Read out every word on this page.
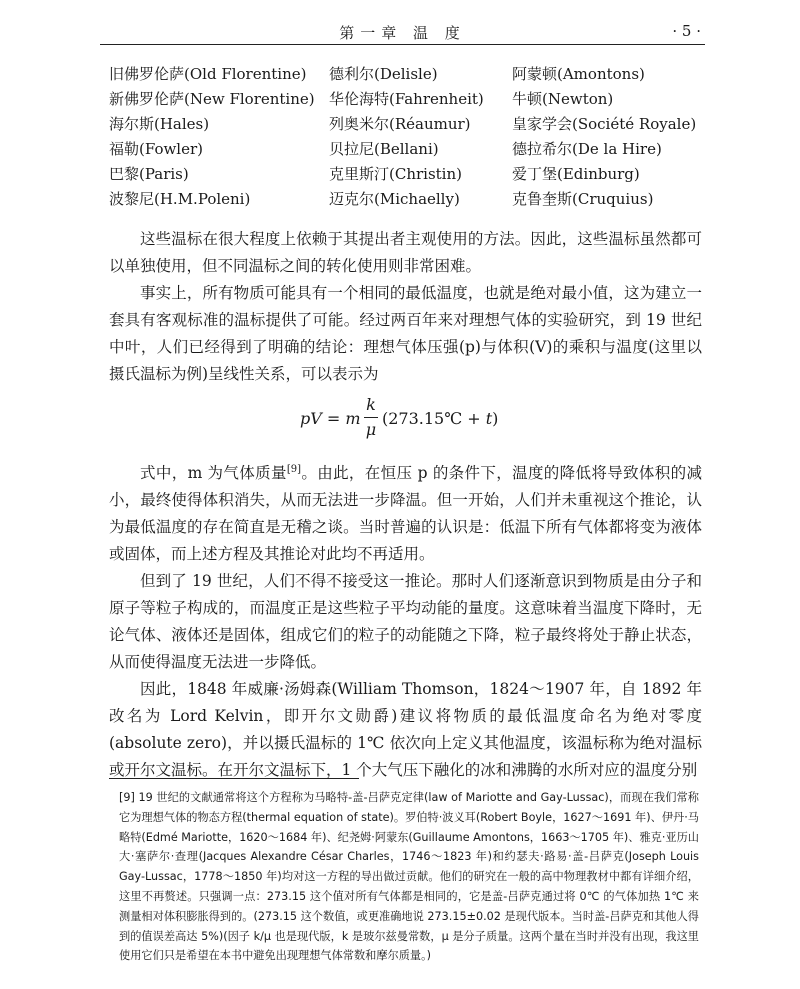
第一章 温 度	· 5 ·
旧佛罗伦萨(Old Florentine) 德利尔(Delisle)	阿蒙顿(Amontons)
新佛罗伦萨(New Florentine) 华伦海特(Fahrenheit) 牛顿(Newton)
海尔斯(Hales)	列奥米尔(Réaumur)	皇家学会(Société Royale)
福勒(Fowler)	贝拉尼(Bellani)	德拉希尔(De la Hire)
巴黎(Paris)	克里斯汀(Christin)	爱丁堡(Edinburg)
波黎尼(H.M.Poleni)	迈克尔(Michaelly)	克鲁奎斯(Cruquius)

这些温标在很大程度上依赖于其提出者主观使用的方法。因此，这些温标虽然都可以单独使用，但不同温标之间的转化使用则非常困难。

事实上，所有物质可能具有一个相同的最低温度，也就是绝对最小值，这为建立一套具有客观标准的温标提供了可能。经过两百年来对理想气体的实验研究，到 19 世纪中叶，人们已经得到了明确的结论：理想气体压强(p)与体积(V)的乘积与温度(这里以摄氏温标为例)呈线性关系，可以表示为

pV = m
k
μ
(273.15℃ + t)

式中，m 为气体质量[9]。由此，在恒压 p 的条件下，温度的降低将导致体积的减小，最终使得体积消失，从而无法进一步降温。但一开始，人们并未重视这个推论，认为最低温度的存在简直是无稽之谈。当时普遍的认识是：低温下所有气体都将变为液体或固体，而上述方程及其推论对此均不再适用。

但到了 19 世纪，人们不得不接受这一推论。那时人们逐渐意识到物质是由分子和原子等粒子构成的，而温度正是这些粒子平均动能的量度。这意味着当温度下降时，无论气体、液体还是固体，组成它们的粒子的动能随之下降，粒子最终将处于静止状态，从而使得温度无法进一步降低。

因此，1848 年威廉·汤姆森(William Thomson，1824～1907 年，自 1892 年改名为 Lord Kelvin，即开尔文勋爵)建议将物质的最低温度命名为绝对零度(absolute zero)，并以摄氏温标的 1℃ 依次向上定义其他温度，该温标称为绝对温标或开尔文温标。在开尔文温标下，1 个大气压下融化的冰和沸腾的水所对应的温度分别

[9] 19 世纪的文献通常将这个方程称为马略特-盖-吕萨克定律(law of Mariotte and Gay-Lussac)，而现在我们常称它为理想气体的物态方程(thermal equation of state)。罗伯特·波义耳(Robert Boyle，1627～1691 年)、伊丹·马略特(Edmé Mariotte，1620～1684 年)、纪尧姆·阿蒙东(Guillaume Amontons，1663～1705 年)、雅克·亚历山大·塞萨尔·查理(Jacques Alexandre César Charles，1746～1823 年)和约瑟夫·路易·盖-吕萨克(Joseph Louis Gay-Lussac，1778～1850 年)均对这一方程的导出做过贡献。他们的研究在一般的高中物理教材中都有详细介绍，这里不再赘述。只强调一点：273.15 这个值对所有气体都是相同的，它是盖-吕萨克通过将 0℃ 的气体加热 1℃ 来测量相对体积膨胀得到的。(273.15 这个数值，或更准确地说 273.15±0.02 是现代版本。当时盖-吕萨克和其他人得到的值误差高达 5%)(因子 k/μ 也是现代版，k 是玻尔兹曼常数，μ 是分子质量。这两个量在当时并没有出现，我这里使用它们只是希望在本书中避免出现理想气体常数和摩尔质量。)
